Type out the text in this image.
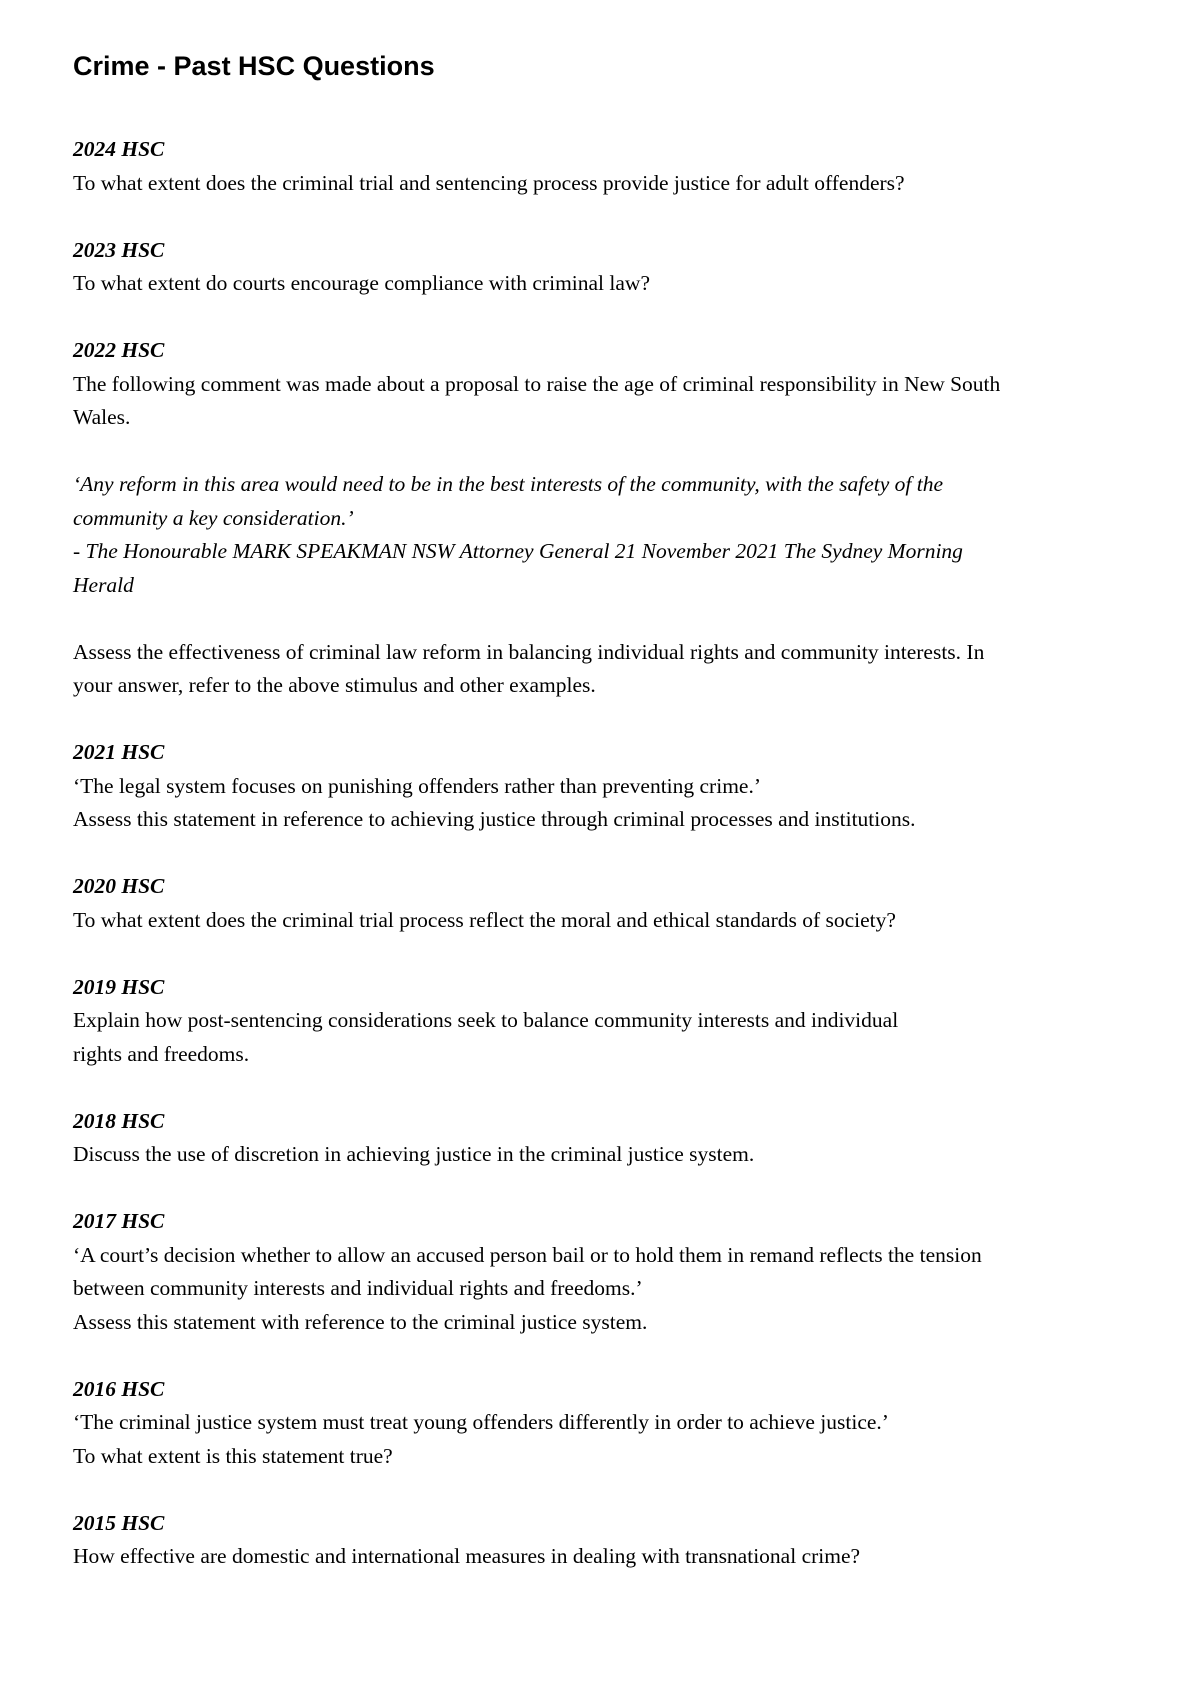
Crime - Past HSC Questions

2024 HSC

To what extent does the criminal trial and sentencing process provide justice for adult offenders?

2023 HSC

To what extent do courts encourage compliance with criminal law?

2022 HSC

The following comment was made about a proposal to raise the age of criminal responsibility in New South

Wales.

‘Any reform in this area would need to be in the best interests of the community, with the safety of the

community a key consideration.’

- The Honourable MARK SPEAKMAN NSW Attorney General 21 November 2021 The Sydney Morning

Herald

Assess the effectiveness of criminal law reform in balancing individual rights and community interests. In

your answer, refer to the above stimulus and other examples.

2021 HSC

‘The legal system focuses on punishing offenders rather than preventing crime.’

Assess this statement in reference to achieving justice through criminal processes and institutions.

2020 HSC

To what extent does the criminal trial process reflect the moral and ethical standards of society?

2019 HSC

Explain how post-sentencing considerations seek to balance community interests and individual

rights and freedoms.

2018 HSC

Discuss the use of discretion in achieving justice in the criminal justice system.

2017 HSC

‘A court’s decision whether to allow an accused person bail or to hold them in remand reflects the tension

between community interests and individual rights and freedoms.’

Assess this statement with reference to the criminal justice system.

2016 HSC

‘The criminal justice system must treat young offenders differently in order to achieve justice.’

To what extent is this statement true?

2015 HSC

How effective are domestic and international measures in dealing with transnational crime?
